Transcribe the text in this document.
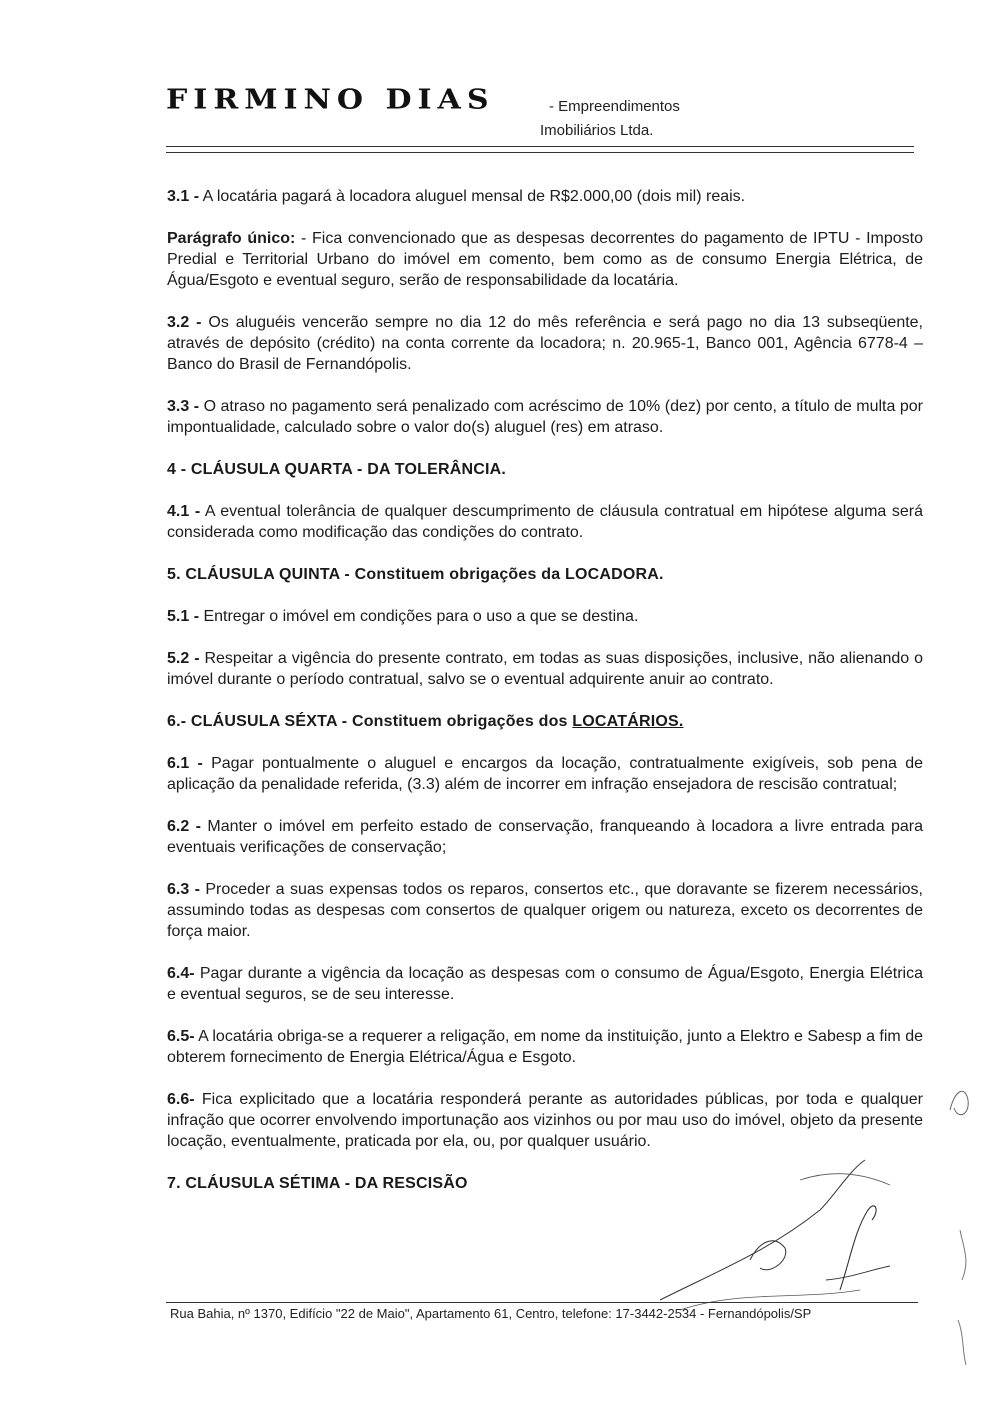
FIRMINO DIAS	- Empreendimentos
Imobiliários Ltda.

3.1 - A locatária pagará à locadora aluguel mensal de R$2.000,00 (dois mil) reais.

Parágrafo único: - Fica convencionado que as despesas decorrentes do pagamento de IPTU - Imposto Predial e Territorial Urbano do imóvel em comento, bem como as de consumo Energia Elétrica, de Água/Esgoto e eventual seguro, serão de responsabilidade da locatária.

3.2 - Os aluguéis vencerão sempre no dia 12 do mês referência e será pago no dia 13 subseqüente, através de depósito (crédito) na conta corrente da locadora; n. 20.965-1, Banco 001, Agência 6778-4 – Banco do Brasil de Fernandópolis.

3.3 - O atraso no pagamento será penalizado com acréscimo de 10% (dez) por cento, a título de multa por impontualidade, calculado sobre o valor do(s) aluguel (res) em atraso.

4 - CLÁUSULA QUARTA - DA TOLERÂNCIA.

4.1 - A eventual tolerância de qualquer descumprimento de cláusula contratual em hipótese alguma será considerada como modificação das condições do contrato.

5. CLÁUSULA QUINTA - Constituem obrigações da LOCADORA.

5.1 - Entregar o imóvel em condições para o uso a que se destina.

5.2 - Respeitar a vigência do presente contrato, em todas as suas disposições, inclusive, não alienando o imóvel durante o período contratual, salvo se o eventual adquirente anuir ao contrato.

6.- CLÁUSULA SÉXTA - Constituem obrigações dos LOCATÁRIOS.

6.1 - Pagar pontualmente o aluguel e encargos da locação, contratualmente exigíveis, sob pena de aplicação da penalidade referida, (3.3) além de incorrer em infração ensejadora de rescisão contratual;

6.2 - Manter o imóvel em perfeito estado de conservação, franqueando à locadora a livre entrada para eventuais verificações de conservação;

6.3 - Proceder a suas expensas todos os reparos, consertos etc., que doravante se fizerem necessários, assumindo todas as despesas com consertos de qualquer origem ou natureza, exceto os decorrentes de força maior.

6.4- Pagar durante a vigência da locação as despesas com o consumo de Água/Esgoto, Energia Elétrica e eventual seguros, se de seu interesse.

6.5- A locatária obriga-se a requerer a religação, em nome da instituição, junto a Elektro e Sabesp a fim de obterem fornecimento de Energia Elétrica/Água e Esgoto.

6.6- Fica explicitado que a locatária responderá perante as autoridades públicas, por toda e qualquer infração que ocorrer envolvendo importunação aos vizinhos ou por mau uso do imóvel, objeto da presente locação, eventualmente, praticada por ela, ou, por qualquer usuário.

7. CLÁUSULA SÉTIMA - DA RESCISÃO

Rua Bahia, nº 1370, Edifício "22 de Maio", Apartamento 61, Centro, telefone: 17-3442-2534 - Fernandópolis/SP
